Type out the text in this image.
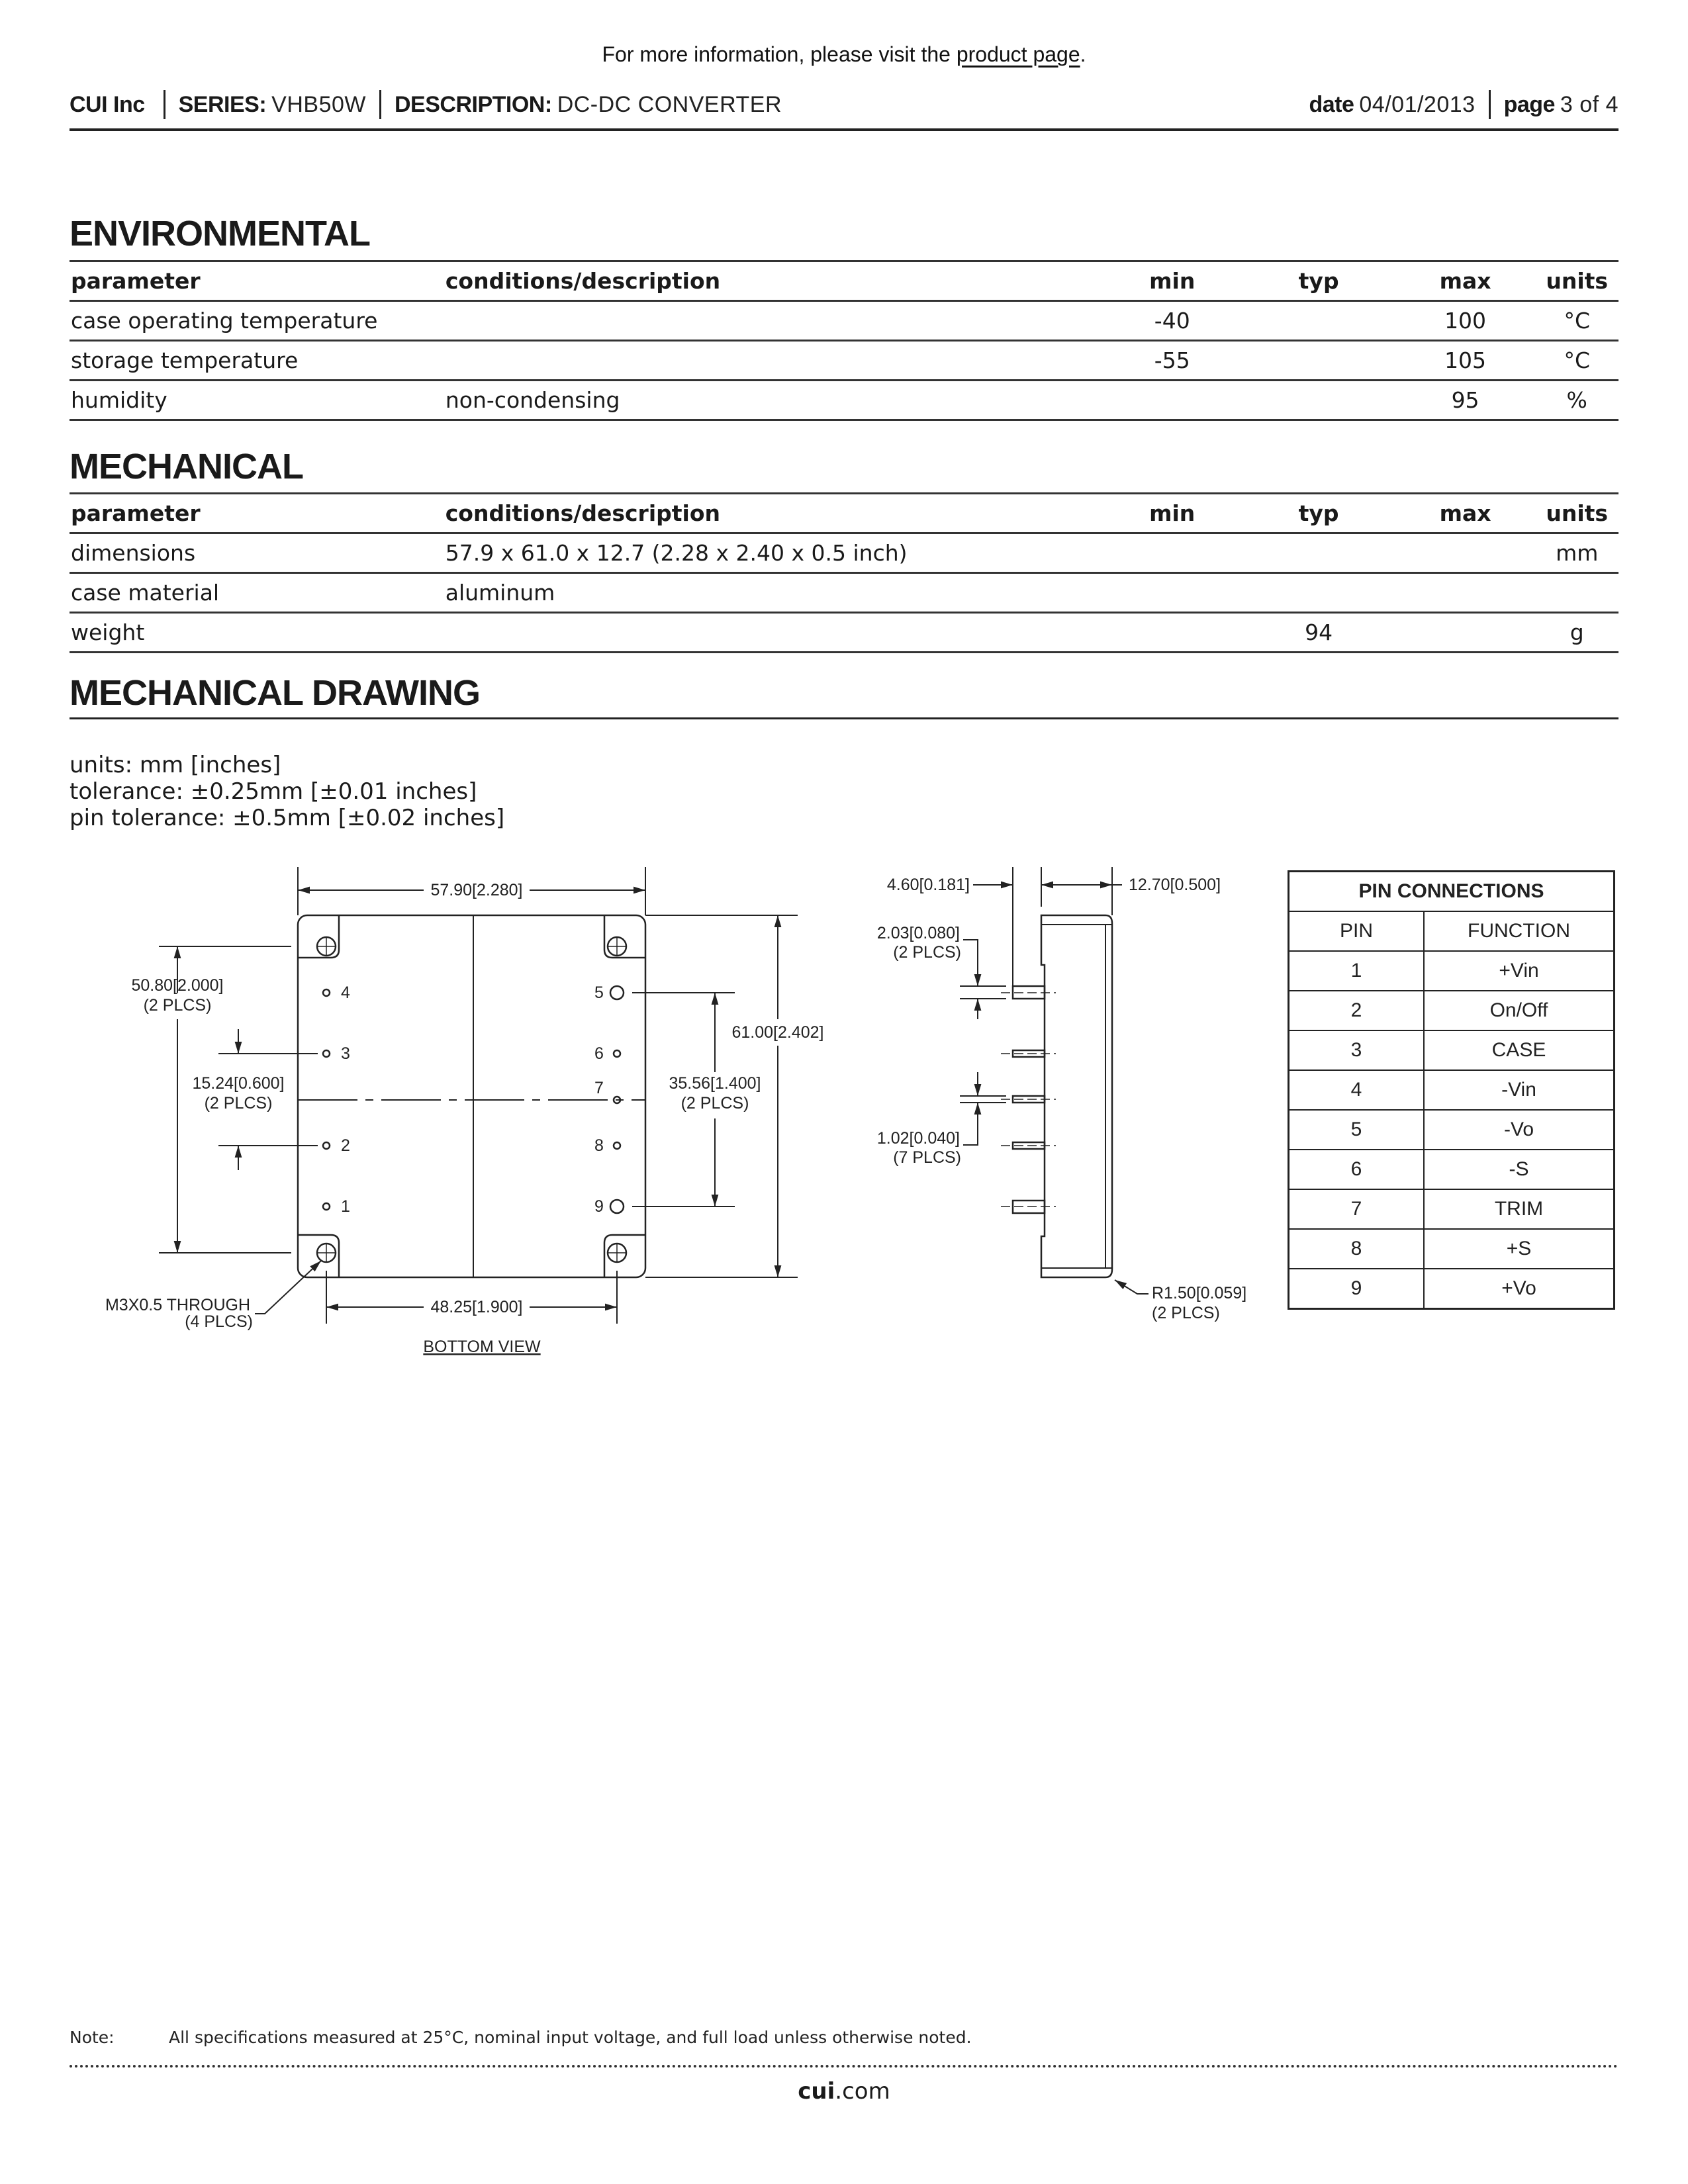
For more information, please visit the product page.
CUI Inc SERIES: VHB50W DESCRIPTION: DC-DC CONVERTER	date 04/01/2013 page 3 of 4
ENVIRONMENTAL
parameter	conditions/description	min	typ	max	units
case operating temperature		-40		100	°C
storage temperature		-55		105	°C
humidity	non-condensing			95	%
MECHANICAL
parameter	conditions/description	min	typ	max	units
dimensions	57.9 x 61.0 x 12.7 (2.28 x 2.40 x 0.5 inch)				mm
case material	aluminum				
weight			94		g
MECHANICAL DRAWING
units: mm [inches]
tolerance: ±0.25mm [±0.01 inches]
pin tolerance: ±0.5mm [±0.02 inches]
57.90[2.280]
50.80[2.000]
(2 PLCS)
15.24[0.600]
(2 PLCS)
61.00[2.402]
35.56[1.400]
(2 PLCS)
48.25[1.900]
M3X0.5 THROUGH
(4 PLCS)
BOTTOM VIEW
4
3
2
1
5
6
7
8
9
4.60[0.181]	12.70[0.500]
2.03[0.080]
(2 PLCS)
1.02[0.040]
(7 PLCS)
R1.50[0.059]
(2 PLCS)
PIN CONNECTIONS	
PIN	FUNCTION
1	+Vin
2	On/Off
3	CASE
4	-Vin
5	-Vo
6	-S
7	TRIM
8	+S
9	+Vo
Note:	All specifications measured at 25°C, nominal input voltage, and full load unless otherwise noted.
cui.com
